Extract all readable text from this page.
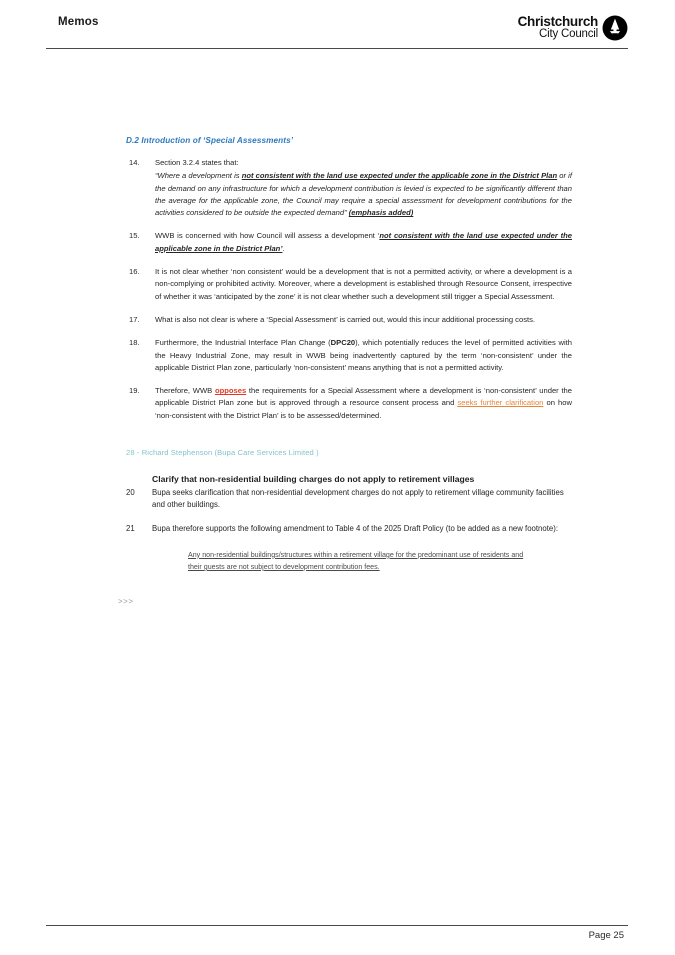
Memos	Christchurch
City Council
D.2 Introduction of ‘Special Assessments’
14.	Section 3.2.4 states that:
“Where a development is not consistent with the land use expected under the applicable zone in the District Plan or if the demand on any infrastructure for which a development contribution is levied is expected to be significantly different than the average for the applicable zone, the Council may require a special assessment for development contributions for the activities considered to be outside the expected demand” (emphasis added)
15.	WWB is concerned with how Council will assess a development ‘not consistent with the land use expected under the applicable zone in the District Plan’.
16.	It is not clear whether ‘non consistent’ would be a development that is not a permitted activity, or where a development is a non-complying or prohibited activity. Moreover, where a development is established through Resource Consent, irrespective of whether it was ‘anticipated by the zone’ it is not clear whether such a development still trigger a Special Assessment.
17.	What is also not clear is where a ‘Special Assessment’ is carried out, would this incur additional processing costs.
18.	Furthermore, the Industrial Interface Plan Change (DPC20), which potentially reduces the level of permitted activities with the Heavy Industrial Zone, may result in WWB being inadvertently captured by the term ‘non-consistent’ under the applicable District Plan zone, particularly ‘non-consistent’ means anything that is not a permitted activity.
19.	Therefore, WWB opposes the requirements for a Special Assessment where a development is ‘non-consistent’ under the applicable District Plan zone but is approved through a resource consent process and seeks further clarification on how ‘non-consistent with the District Plan’ is to be assessed/determined.
28 - Richard Stephenson (Bupa Care Services Limited )
Clarify that non-residential building charges do not apply to retirement villages
20	Bupa seeks clarification that non-residential development charges do not apply to retirement village community facilities and other buildings.
21	Bupa therefore supports the following amendment to Table 4 of the 2025 Draft Policy (to be added as a new footnote):
Any non-residential buildings/structures within a retirement village for the predominant use of residents and their guests are not subject to development contribution fees.
>>>
Page 25
